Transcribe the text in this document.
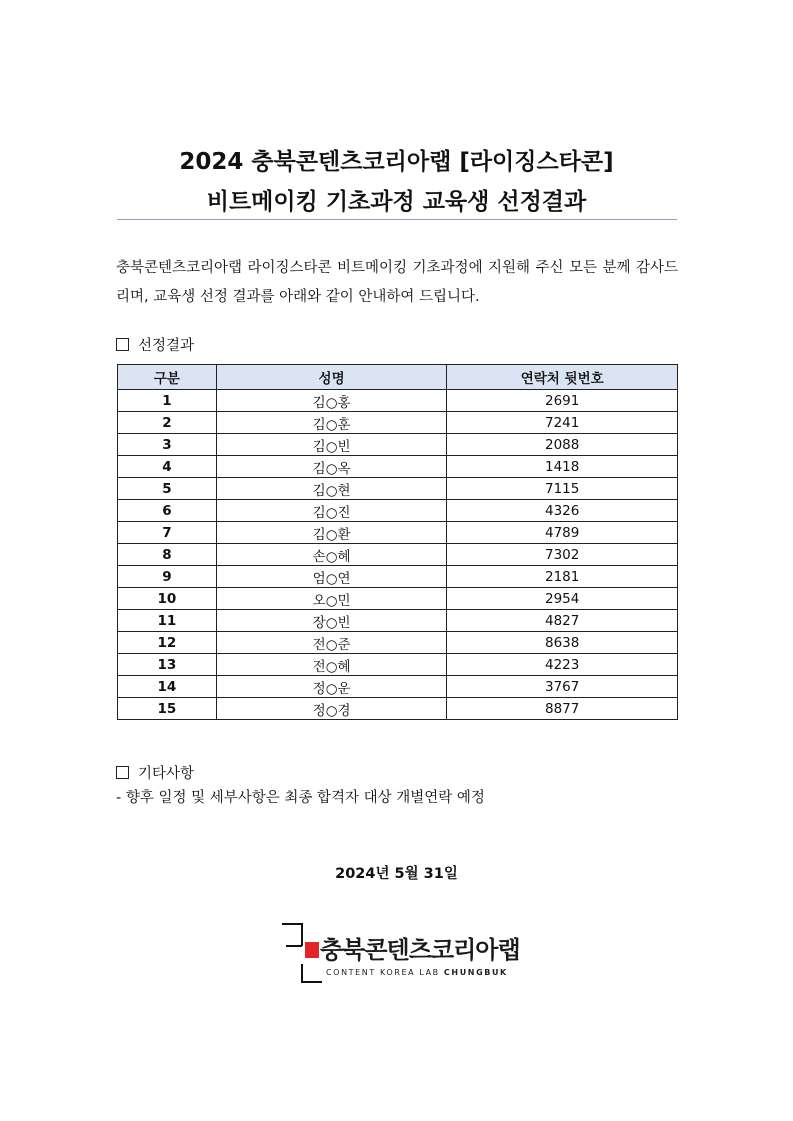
2024 충북콘텐츠코리아랩 [라이징스타콘]
비트메이킹 기초과정 교육생 선정결과
충북콘텐츠코리아랩 라이징스타콘 비트메이킹 기초과정에 지원해 주신 모든 분께 감사드리며, 교육생 선정 결과를 아래와 같이 안내하여 드립니다.
선정결과
구분	성명	연락처 뒷번호
1	김○홍	2691
2	김○훈	7241
3	김○빈	2088
4	김○옥	1418
5	김○현	7115
6	김○진	4326
7	김○환	4789
8	손○혜	7302
9	엄○연	2181
10	오○민	2954
11	장○빈	4827
12	전○준	8638
13	전○혜	4223
14	정○운	3767
15	정○경	8877
기타사항
- 향후 일정 및 세부사항은 최종 합격자 대상 개별연락 예정
2024년 5월 31일
충북콘텐츠코리아랩
CONTENT KOREA LAB CHUNGBUK
